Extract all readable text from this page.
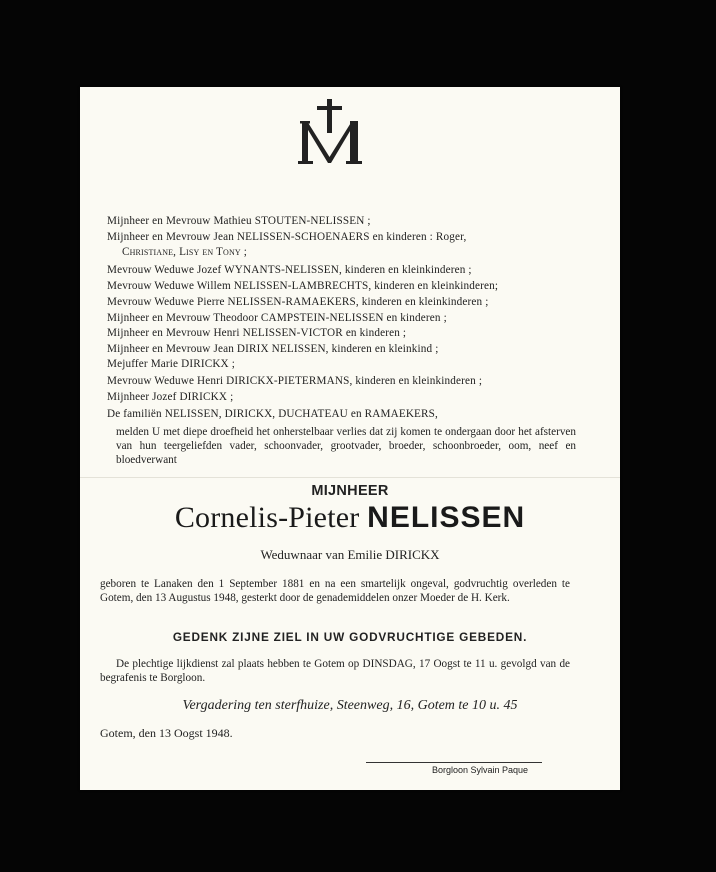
Mijnheer en Mevrouw Mathieu STOUTEN-NELISSEN ;
Mijnheer en Mevrouw Jean NELISSEN-SCHOENAERS en kinderen : Roger,
Christiane, Lisy en Tony ;
Mevrouw Weduwe Jozef WYNANTS-NELISSEN, kinderen en kleinkinderen ;
Mevrouw Weduwe Willem NELISSEN-LAMBRECHTS, kinderen en kleinkinderen;
Mevrouw Weduwe Pierre NELISSEN-RAMAEKERS, kinderen en kleinkinderen ;
Mijnheer en Mevrouw Theodoor CAMPSTEIN-NELISSEN en kinderen ;
Mijnheer en Mevrouw Henri NELISSEN-VICTOR en kinderen ;
Mijnheer en Mevrouw Jean DIRIX NELISSEN, kinderen en kleinkind ;
Mejuffer Marie DIRICKX ;
Mevrouw Weduwe Henri DIRICKX-PIETERMANS, kinderen en kleinkinderen ;
Mijnheer Jozef DIRICKX ;
De familiën NELISSEN, DIRICKX, DUCHATEAU en RAMAEKERS,
melden U met diepe droefheid het onherstelbaar verlies dat zij komen te ondergaan door het afsterven van hun teergeliefden vader, schoonvader, grootvader, broeder, schoonbroeder, oom, neef en bloedverwant
MIJNHEER
Cornelis-Pieter NELISSEN
Weduwnaar van Emilie DIRICKX
geboren te Lanaken den 1 September 1881 en na een smartelijk ongeval, godvruchtig overleden te Gotem, den 13 Augustus 1948, gesterkt door de genademiddelen onzer Moeder de H. Kerk.
GEDENK ZIJNE ZIEL IN UW GODVRUCHTIGE GEBEDEN.
De plechtige lijkdienst zal plaats hebben te Gotem op DINSDAG, 17 Oogst te 11 u. gevolgd van de begrafenis te Borgloon.
Vergadering ten sterfhuize, Steenweg, 16, Gotem te 10 u. 45
Gotem, den 13 Oogst 1948.
Borgloon Sylvain Paque
